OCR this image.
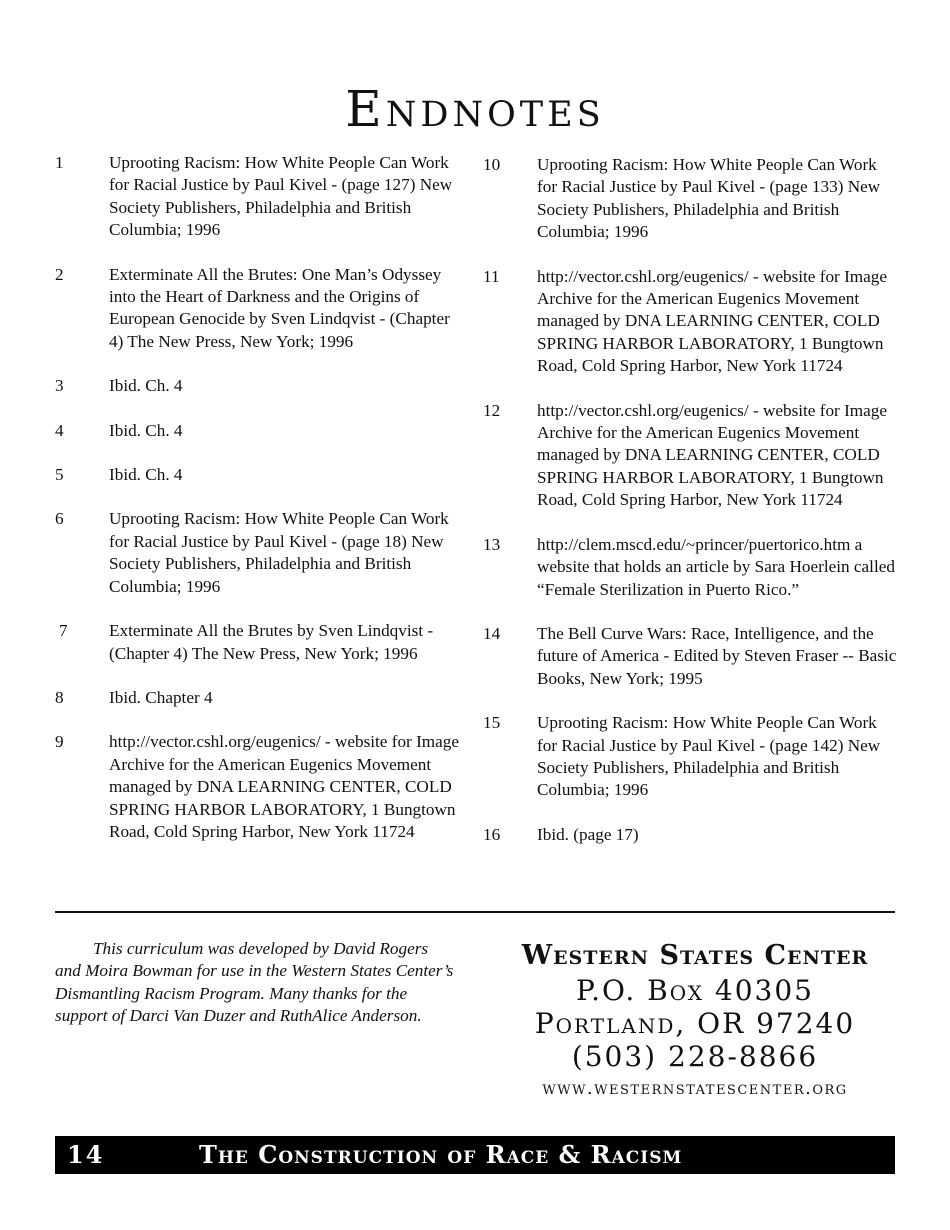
Endnotes
1	Uprooting Racism: How White People Can Work for Racial Justice by Paul Kivel - (page 127) New Society Publishers, Philadelphia and British Columbia; 1996
2	Exterminate All the Brutes: One Man’s Odyssey into the Heart of Darkness and the Origins of European Genocide by Sven Lindqvist - (Chapter 4) The New Press, New York; 1996
3	Ibid. Ch. 4
4	Ibid. Ch. 4
5	Ibid. Ch. 4
6	Uprooting Racism: How White People Can Work for Racial Justice by Paul Kivel - (page 18) New Society Publishers, Philadelphia and British Columbia; 1996
7	Exterminate All the Brutes by Sven Lindqvist - (Chapter 4) The New Press, New York; 1996
8	Ibid. Chapter 4
9	http://vector.cshl.org/eugenics/ - website for Image Archive for the American Eugenics Movement managed by DNA LEARNING CENTER, COLD SPRING HARBOR LABORATORY, 1 Bungtown Road, Cold Spring Harbor, New York 11724
10	Uprooting Racism: How White People Can Work for Racial Justice by Paul Kivel - (page 133) New Society Publishers, Philadelphia and British Columbia; 1996
11	http://vector.cshl.org/eugenics/ - website for Image Archive for the American Eugenics Movement managed by DNA LEARNING CENTER, COLD SPRING HARBOR LABORATORY, 1 Bungtown Road, Cold Spring Harbor, New York 11724
12	http://vector.cshl.org/eugenics/ - website for Image Archive for the American Eugenics Movement managed by DNA LEARNING CENTER, COLD SPRING HARBOR LABORATORY, 1 Bungtown Road, Cold Spring Harbor, New York 11724
13	http://clem.mscd.edu/~princer/puertorico.htm a website that holds an article by Sara Hoerlein called “Female Sterilization in Puerto Rico.”
14	The Bell Curve Wars: Race, Intelligence, and the future of America - Edited by Steven Fraser -- Basic Books, New York; 1995
15	Uprooting Racism: How White People Can Work for Racial Justice by Paul Kivel - (page 142) New Society Publishers, Philadelphia and British Columbia; 1996
16	Ibid. (page 17)

This curriculum was developed by David Rogers and Moira Bowman for use in the Western States Center’s Dismantling Racism Program. Many thanks for the support of Darci Van Duzer and RuthAlice Anderson.

Western States Center
P.O. Box 40305
Portland, OR 97240
(503) 228-8866
www.westernstatescenter.org
14	The Construction of Race & Racism
